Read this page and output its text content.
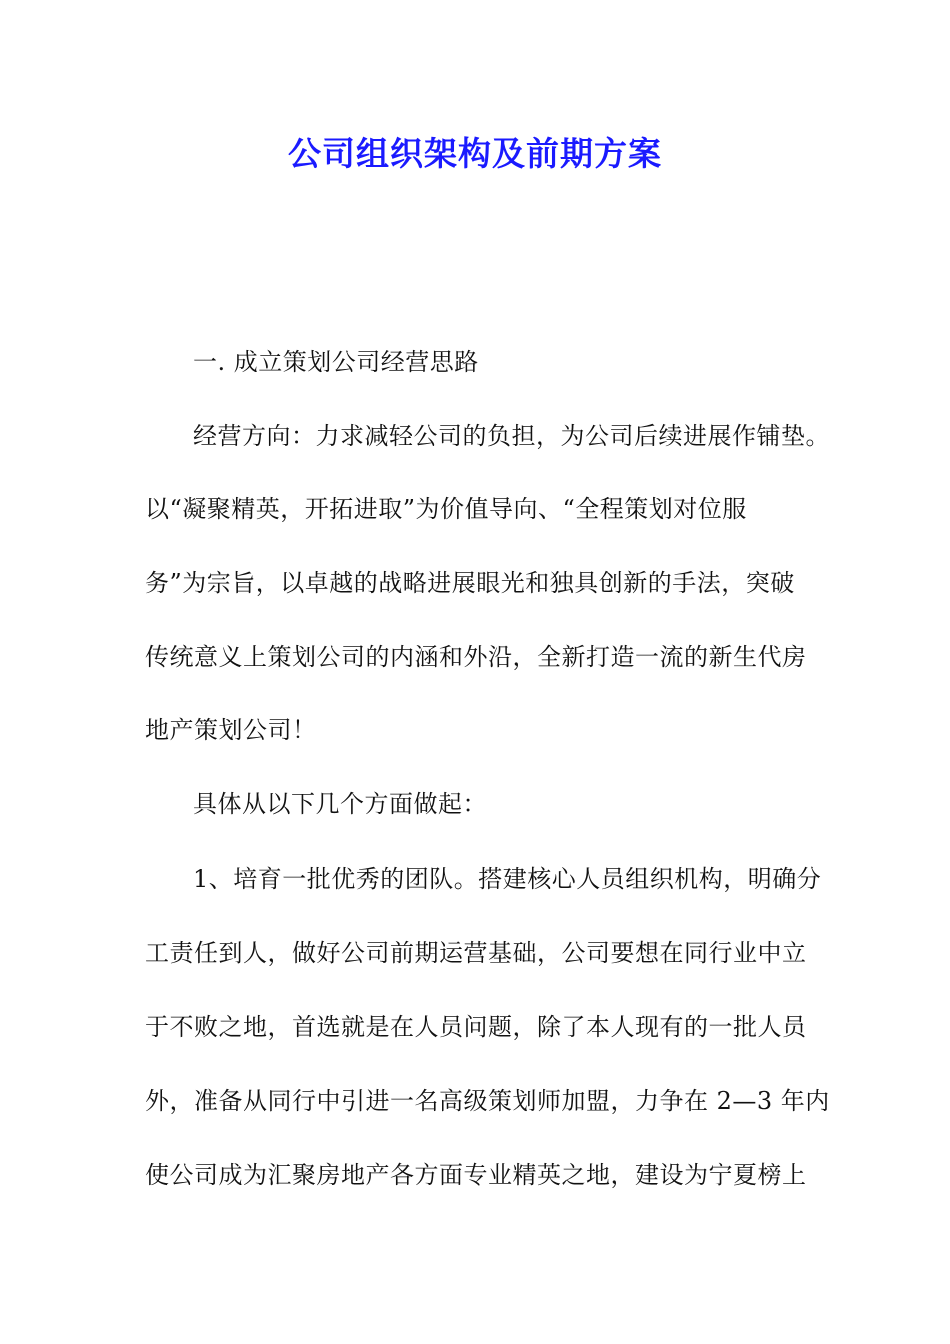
公司组织架构及前期方案
一. 成立策划公司经营思路
经营方向：力求减轻公司的负担，为公司后续进展作铺垫。
以“凝聚精英，开拓进取”为价值导向、“全程策划对位服
务”为宗旨，以卓越的战略进展眼光和独具创新的手法，突破
传统意义上策划公司的内涵和外沿，全新打造一流的新生代房
地产策划公司！
具体从以下几个方面做起：
1、培育一批优秀的团队。搭建核心人员组织机构，明确分
工责任到人，做好公司前期运营基础，公司要想在同行业中立
于不败之地，首选就是在人员问题，除了本人现有的一批人员
外，准备从同行中引进一名高级策划师加盟，力争在 2—3 年内
使公司成为汇聚房地产各方面专业精英之地，建设为宁夏榜上
